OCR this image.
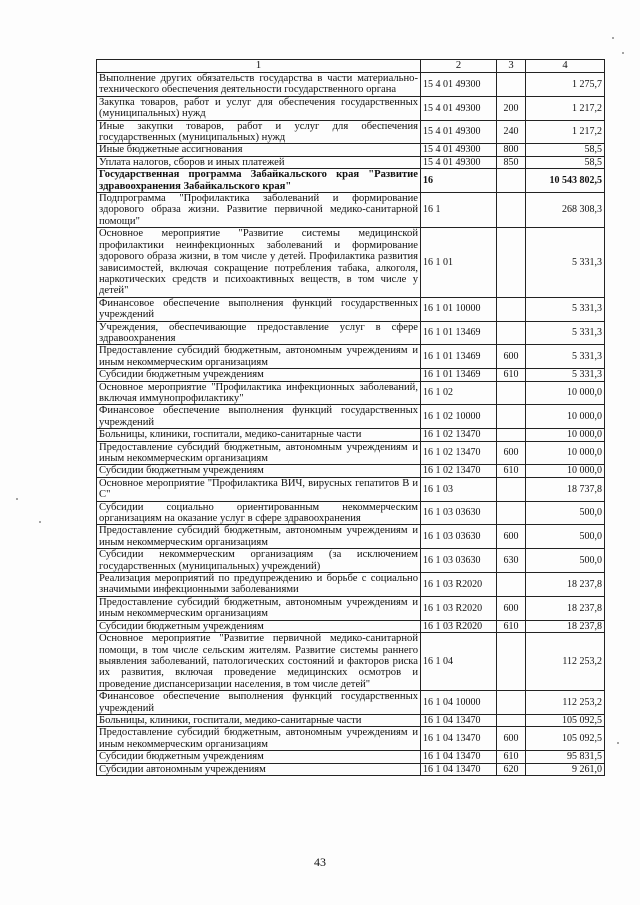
1	2	3	4
Выполнение других обязательств государства в части материально-технического обеспечения деятельности государственного органа	15 4 01 49300		1 275,7
Закупка товаров, работ и услуг для обеспечения государственных (муниципальных) нужд	15 4 01 49300	200	1 217,2
Иные закупки товаров, работ и услуг для обеспечения государственных (муниципальных) нужд	15 4 01 49300	240	1 217,2
Иные бюджетные ассигнования	15 4 01 49300	800	58,5
Уплата налогов, сборов и иных платежей	15 4 01 49300	850	58,5
Государственная программа Забайкальского края "Развитие здравоохранения Забайкальского края"	16		10 543 802,5
Подпрограмма "Профилактика заболеваний и формирование здорового образа жизни. Развитие первичной медико-санитарной помощи"	16 1		268 308,3
Основное мероприятие "Развитие системы медицинской профилактики неинфекционных заболеваний и формирование здорового образа жизни, в том числе у детей. Профилактика развития зависимостей, включая сокращение потребления табака, алкоголя, наркотических средств и психоактивных веществ, в том числе у детей"	16 1 01		5 331,3
Финансовое обеспечение выполнения функций государственных учреждений	16 1 01 10000		5 331,3
Учреждения, обеспечивающие предоставление услуг в сфере здравоохранения	16 1 01 13469		5 331,3
Предоставление субсидий бюджетным, автономным учреждениям и иным некоммерческим организациям	16 1 01 13469	600	5 331,3
Субсидии бюджетным учреждениям	16 1 01 13469	610	5 331,3
Основное мероприятие "Профилактика инфекционных заболеваний, включая иммунопрофилактику"	16 1 02		10 000,0
Финансовое обеспечение выполнения функций государственных учреждений	16 1 02 10000		10 000,0
Больницы, клиники, госпитали, медико-санитарные части	16 1 02 13470		10 000,0
Предоставление субсидий бюджетным, автономным учреждениям и иным некоммерческим организациям	16 1 02 13470	600	10 000,0
Субсидии бюджетным учреждениям	16 1 02 13470	610	10 000,0
Основное мероприятие "Профилактика ВИЧ, вирусных гепатитов В и С"	16 1 03		18 737,8
Субсидии социально ориентированным некоммерческим организациям на оказание услуг в сфере здравоохранения	16 1 03 03630		500,0
Предоставление субсидий бюджетным, автономным учреждениям и иным некоммерческим организациям	16 1 03 03630	600	500,0
Субсидии некоммерческим организациям (за исключением государственных (муниципальных) учреждений)	16 1 03 03630	630	500,0
Реализация мероприятий по предупреждению и борьбе с социально значимыми инфекционными заболеваниями	16 1 03 R2020		18 237,8
Предоставление субсидий бюджетным, автономным учреждениям и иным некоммерческим организациям	16 1 03 R2020	600	18 237,8
Субсидии бюджетным учреждениям	16 1 03 R2020	610	18 237,8
Основное мероприятие "Развитие первичной медико-санитарной помощи, в том числе сельским жителям. Развитие системы раннего выявления заболеваний, патологических состояний и факторов риска их развития, включая проведение медицинских осмотров и проведение диспансеризации населения, в том числе детей"	16 1 04		112 253,2
Финансовое обеспечение выполнения функций государственных учреждений	16 1 04 10000		112 253,2
Больницы, клиники, госпитали, медико-санитарные части	16 1 04 13470		105 092,5
Предоставление субсидий бюджетным, автономным учреждениям и иным некоммерческим организациям	16 1 04 13470	600	105 092,5
Субсидии бюджетным учреждениям	16 1 04 13470	610	95 831,5
Субсидии автономным учреждениям	16 1 04 13470	620	9 261,0
43
